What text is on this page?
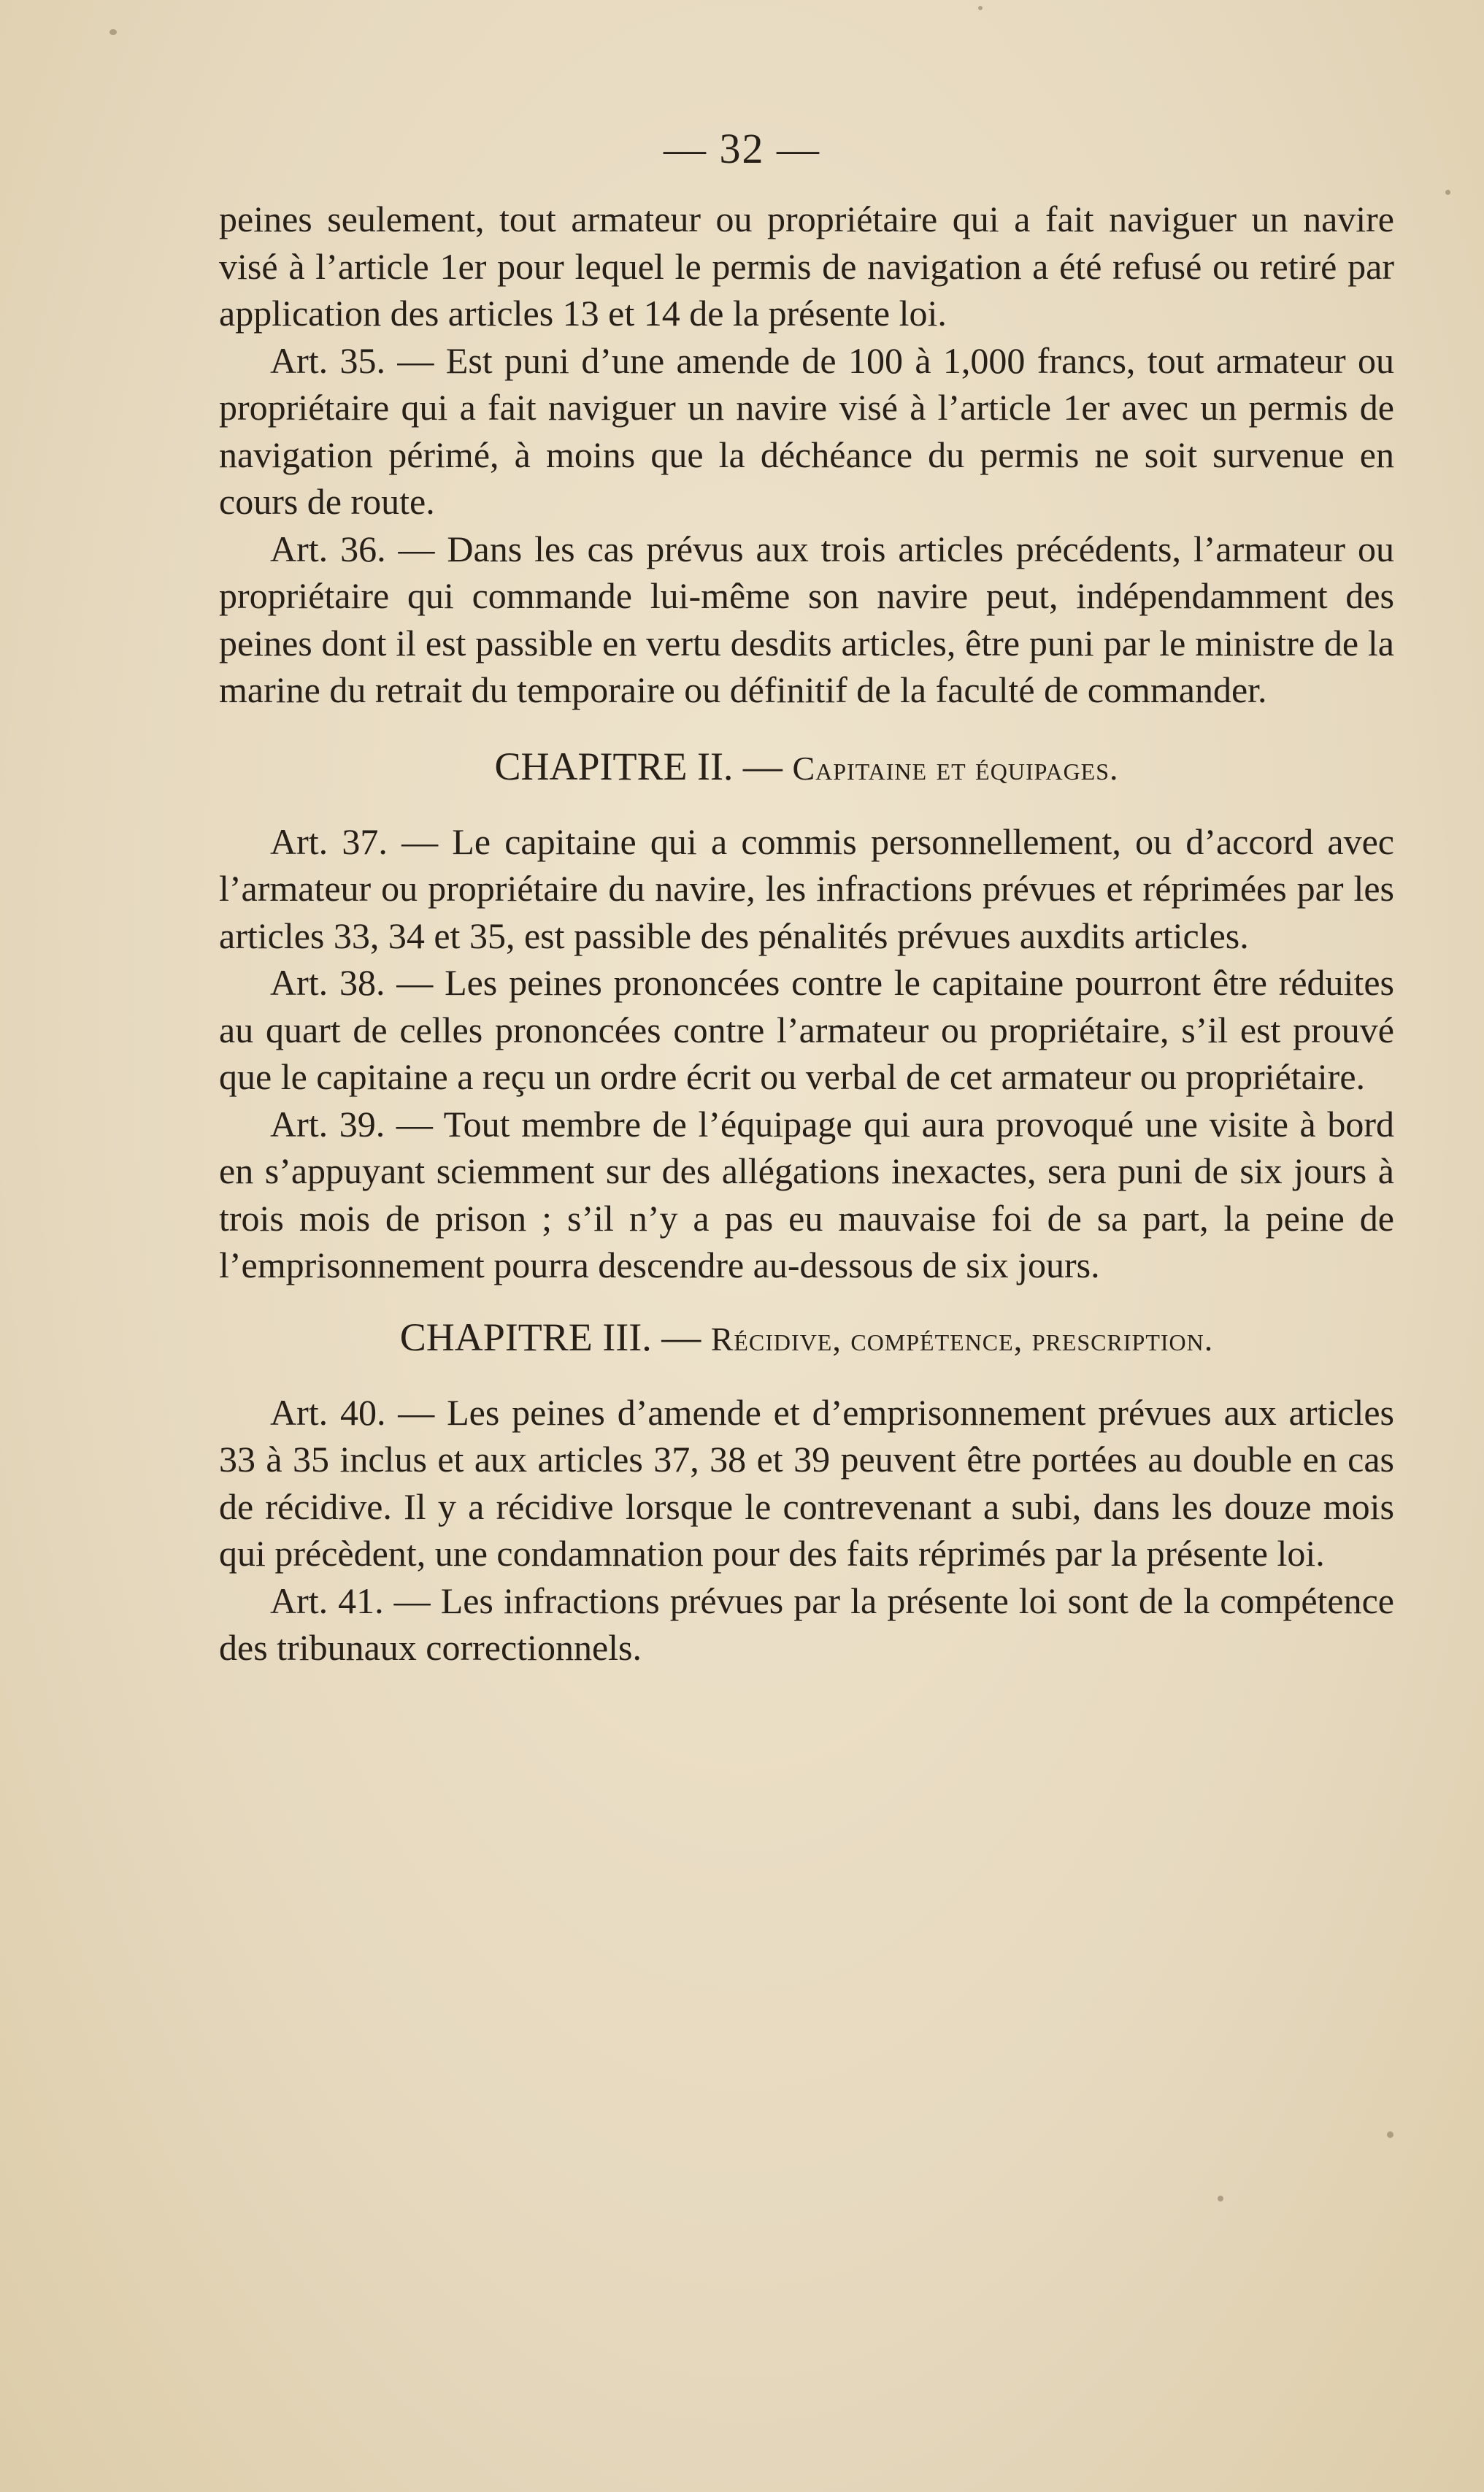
— 32 —

peines seulement, tout armateur ou propriétaire qui a fait naviguer un navire visé à l’article 1er pour lequel le permis de navigation a été refusé ou retiré par application des articles 13 et 14 de la présente loi.

Art. 35. — Est puni d’une amende de 100 à 1,000 francs, tout armateur ou propriétaire qui a fait naviguer un navire visé à l’article 1er avec un permis de navigation périmé, à moins que la déchéance du permis ne soit survenue en cours de route.

Art. 36. — Dans les cas prévus aux trois articles précédents, l’armateur ou propriétaire qui commande lui-même son navire peut, indépendamment des peines dont il est passible en vertu desdits articles, être puni par le ministre de la marine du retrait du temporaire ou définitif de la faculté de commander.

CHAPITRE II. — Capitaine et équipages.

Art. 37. — Le capitaine qui a commis personnellement, ou d’accord avec l’armateur ou propriétaire du navire, les infractions prévues et réprimées par les articles 33, 34 et 35, est passible des pénalités prévues auxdits articles.

Art. 38. — Les peines prononcées contre le capitaine pourront être réduites au quart de celles prononcées contre l’armateur ou propriétaire, s’il est prouvé que le capitaine a reçu un ordre écrit ou verbal de cet armateur ou propriétaire.

Art. 39. — Tout membre de l’équipage qui aura provoqué une visite à bord en s’appuyant sciemment sur des allégations inexactes, sera puni de six jours à trois mois de prison ; s’il n’y a pas eu mauvaise foi de sa part, la peine de l’emprisonnement pourra descendre au-dessous de six jours.

CHAPITRE III. — Récidive, compétence, prescription.

Art. 40. — Les peines d’amende et d’emprisonnement prévues aux articles 33 à 35 inclus et aux articles 37, 38 et 39 peuvent être portées au double en cas de récidive. Il y a récidive lorsque le contrevenant a subi, dans les douze mois qui précèdent, une condamnation pour des faits réprimés par la présente loi.

Art. 41. — Les infractions prévues par la présente loi sont de la compétence des tribunaux correctionnels.
